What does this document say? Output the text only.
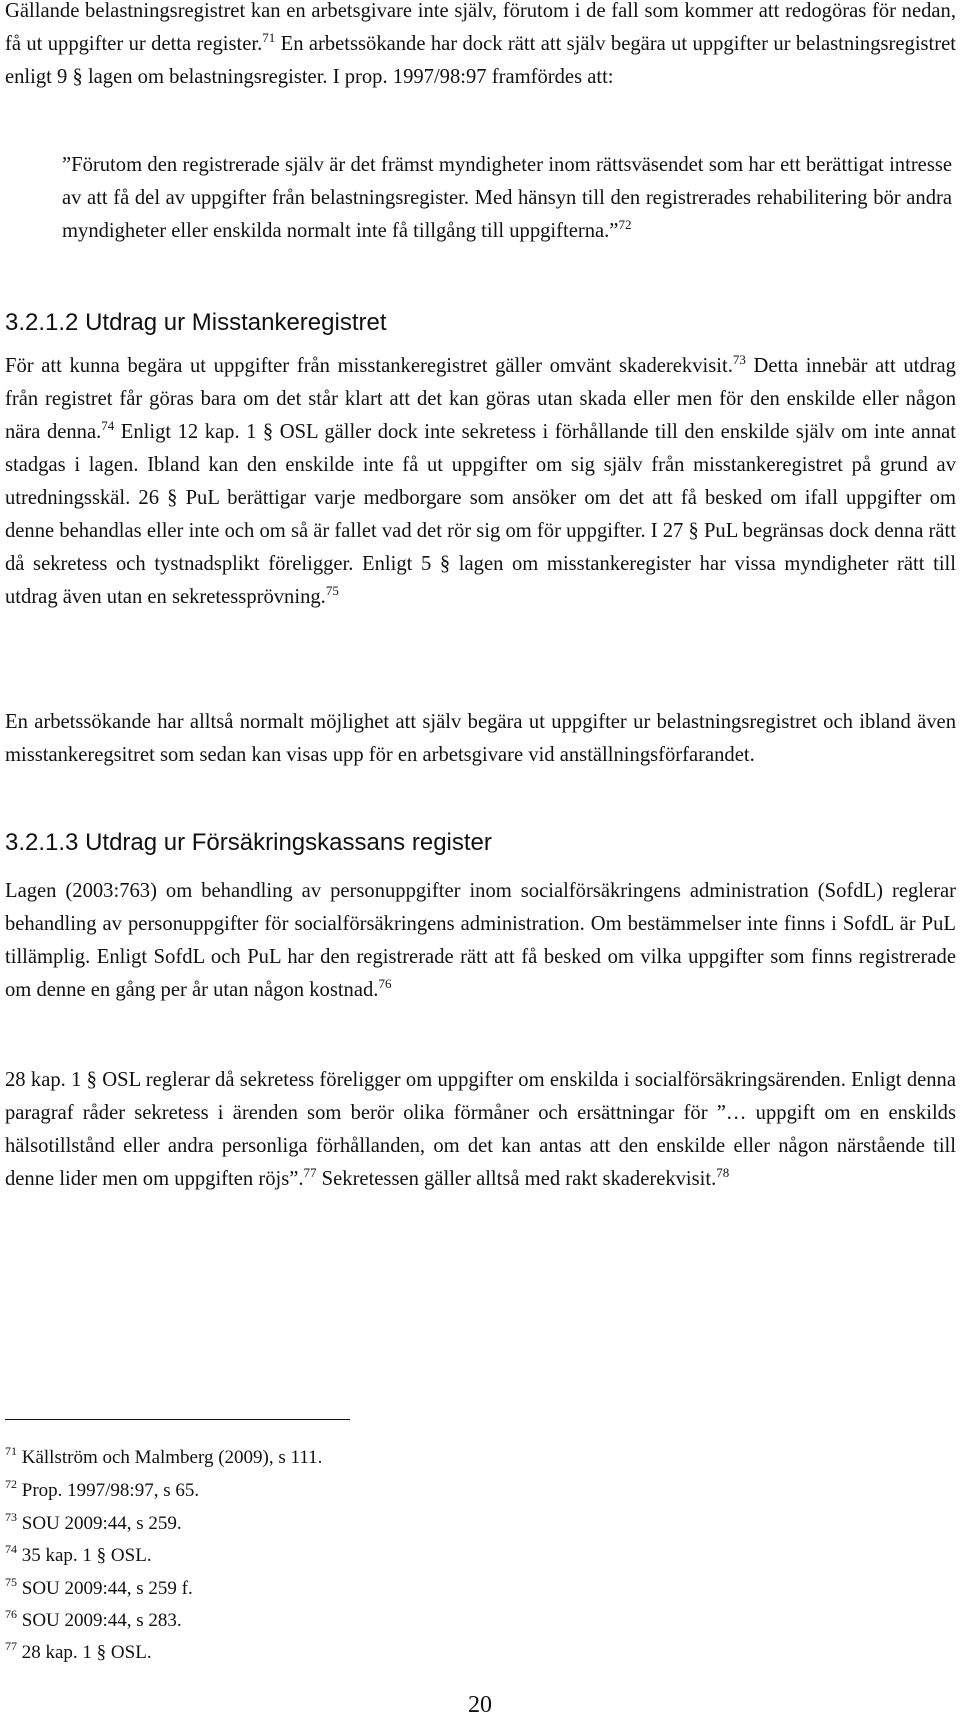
Gällande belastningsregistret kan en arbetsgivare inte själv, förutom i de fall som kommer att redogöras för nedan, få ut uppgifter ur detta register.$^{71}$ En arbetssökande har dock rätt att själv begära ut uppgifter ur belastningsregistret enligt 9 § lagen om belastningsregister. I prop. 1997/98:97 framfördes att:

”Förutom den registrerade själv är det främst myndigheter inom rättsväsendet som har ett berättigat intresse av att få del av uppgifter från belastningsregister. Med hänsyn till den registrerades rehabilitering bör andra myndigheter eller enskilda normalt inte få tillgång till uppgifterna.”$^{72}$

3.2.1.2 Utdrag ur Misstankeregistret

För att kunna begära ut uppgifter från misstankeregistret gäller omvänt skaderekvisit.$^{73}$ Detta innebär att utdrag från registret får göras bara om det står klart att det kan göras utan skada eller men för den enskilde eller någon nära denna.$^{74}$ Enligt 12 kap. 1 § OSL gäller dock inte sekretess i förhållande till den enskilde själv om inte annat stadgas i lagen. Ibland kan den enskilde inte få ut uppgifter om sig själv från misstankeregistret på grund av utredningsskäl. 26 § PuL berättigar varje medborgare som ansöker om det att få besked om ifall uppgifter om denne behandlas eller inte och om så är fallet vad det rör sig om för uppgifter. I 27 § PuL begränsas dock denna rätt då sekretess och tystnadsplikt föreligger. Enligt 5 § lagen om misstankeregister har vissa myndigheter rätt till utdrag även utan en sekretessprövning.$^{75}$

En arbetssökande har alltså normalt möjlighet att själv begära ut uppgifter ur belastningsregistret och ibland även misstankeregsitret som sedan kan visas upp för en arbetsgivare vid anställningsförfarandet.

3.2.1.3 Utdrag ur Försäkringskassans register

Lagen (2003:763) om behandling av personuppgifter inom socialförsäkringens administration (SofdL) reglerar behandling av personuppgifter för socialförsäkringens administration. Om bestämmelser inte finns i SofdL är PuL tillämplig. Enligt SofdL och PuL har den registrerade rätt att få besked om vilka uppgifter som finns registrerade om denne en gång per år utan någon kostnad.$^{76}$

28 kap. 1 § OSL reglerar då sekretess föreligger om uppgifter om enskilda i socialförsäkringsärenden. Enligt denna paragraf råder sekretess i ärenden som berör olika förmåner och ersättningar för ”… uppgift om en enskilds hälsotillstånd eller andra personliga förhållanden, om det kan antas att den enskilde eller någon närstående till denne lider men om uppgiften röjs”.$^{77}$ Sekretessen gäller alltså med rakt skaderekvisit.$^{78}$

$^{71}$ Källström och Malmberg (2009), s 111.

$^{72}$ Prop. 1997/98:97, s 65.

$^{73}$ SOU 2009:44, s 259.

$^{74}$ 35 kap. 1 § OSL.

$^{75}$ SOU 2009:44, s 259 f.

$^{76}$ SOU 2009:44, s 283.

$^{77}$ 28 kap. 1 § OSL.

20
